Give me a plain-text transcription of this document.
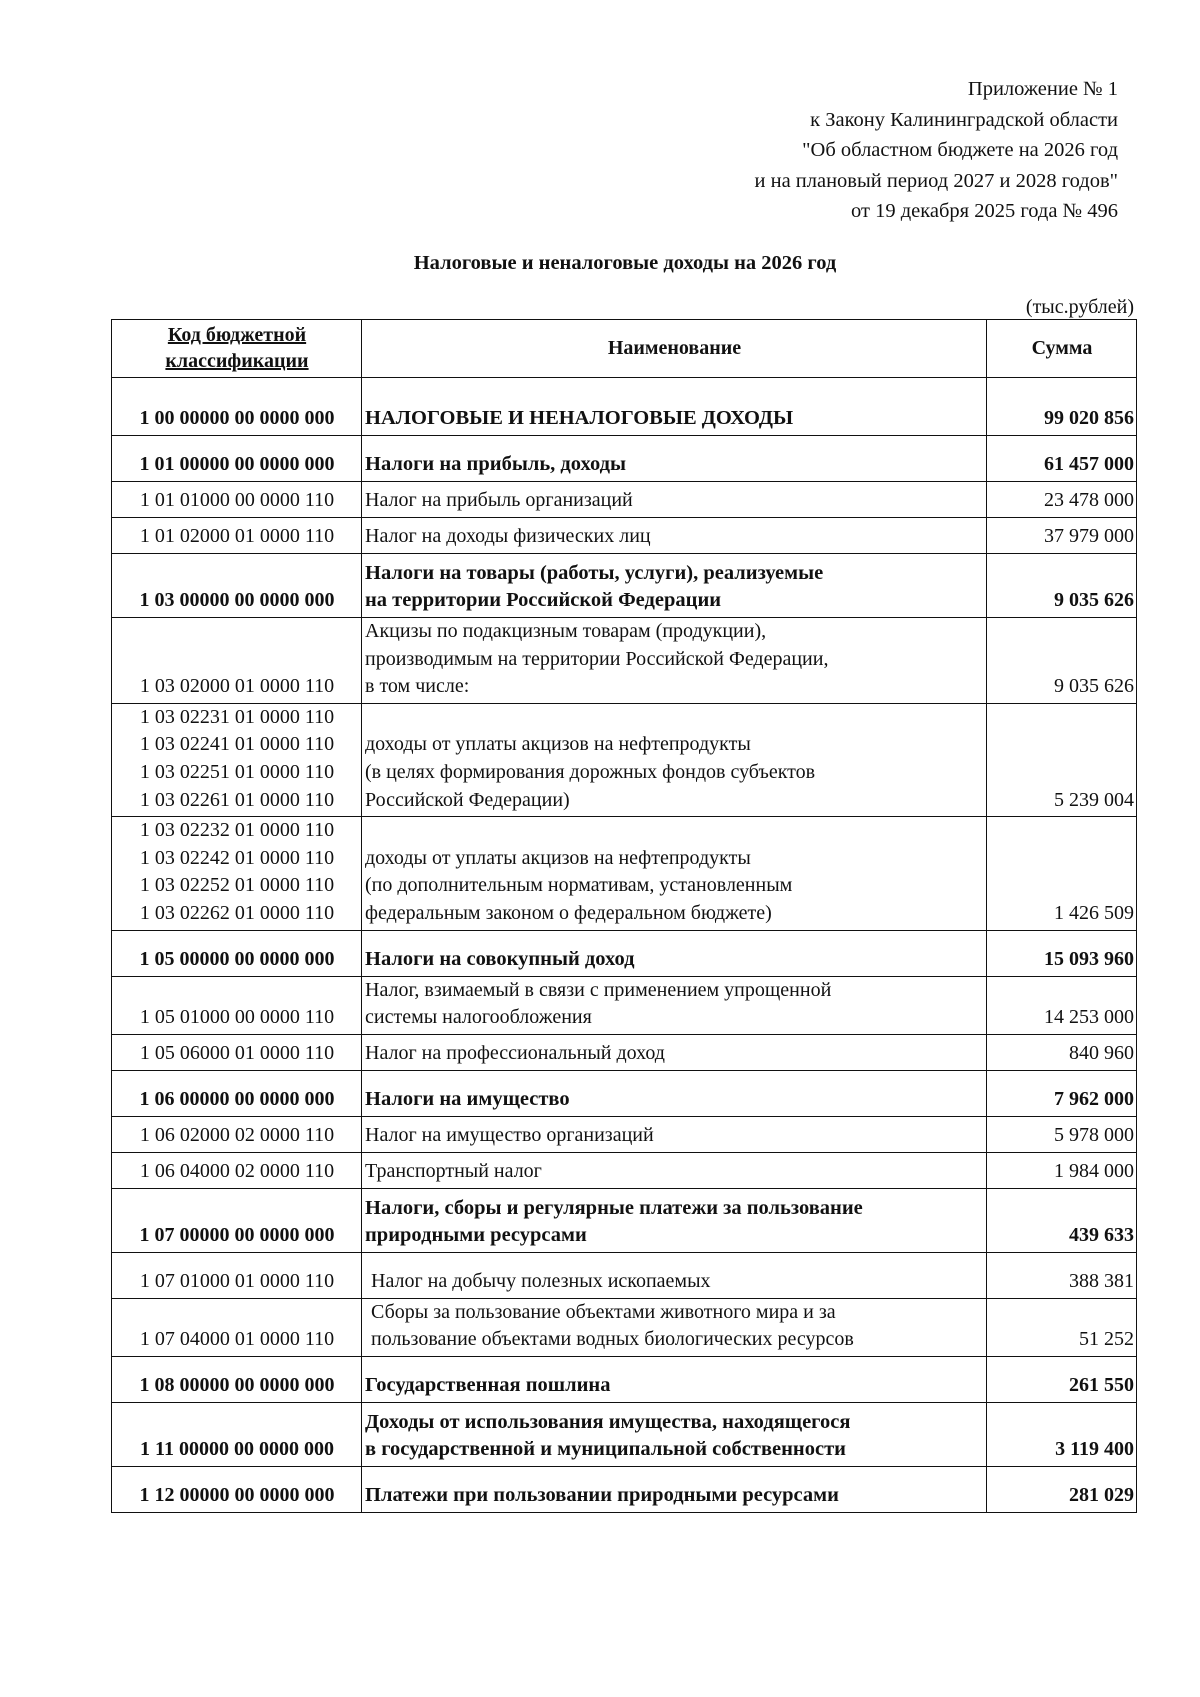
Приложение № 1
к Закону Калининградской области
"Об областном бюджете на 2026 год
и на плановый период 2027 и 2028 годов"
от 19 декабря 2025 года № 496
Налоговые и неналоговые доходы на 2026 год
(тыс.рублей)
Код бюджетной классификации	Наименование	Сумма

1 00 00000 00 0000 000	НАЛОГОВЫЕ И НЕНАЛОГОВЫЕ ДОХОДЫ	99 020 856

1 01 00000 00 0000 000	Налоги на прибыль, доходы	61 457 000

1 01 01000 00 0000 110	Налог на прибыль организаций	23 478 000

1 01 02000 01 0000 110	Налог на доходы физических лиц	37 979 000

1 03 00000 00 0000 000	Налоги на товары (работы, услуги), реализуемые
на территории Российской Федерации	9 035 626

1 03 02000 01 0000 110	Акцизы по подакцизным товарам (продукции),
производимым на территории Российской Федерации,
в том числе:	9 035 626

1 03 02231 01 0000 110
1 03 02241 01 0000 110
1 03 02251 01 0000 110
1 03 02261 01 0000 110	доходы от уплаты акцизов на нефтепродукты
(в целях формирования дорожных фондов субъектов
Российской Федерации)	5 239 004

1 03 02232 01 0000 110
1 03 02242 01 0000 110
1 03 02252 01 0000 110
1 03 02262 01 0000 110	доходы от уплаты акцизов на нефтепродукты
(по дополнительным нормативам, установленным
федеральным законом о федеральном бюджете)	1 426 509

1 05 00000 00 0000 000	Налоги на совокупный доход	15 093 960

1 05 01000 00 0000 110	Налог, взимаемый в связи с применением упрощенной
системы налогообложения	14 253 000

1 05 06000 01 0000 110	Налог на профессиональный доход	840 960

1 06 00000 00 0000 000	Налоги на имущество	7 962 000

1 06 02000 02 0000 110	Налог на имущество организаций	5 978 000

1 06 04000 02 0000 110	Транспортный налог	1 984 000

1 07 00000 00 0000 000	Налоги, сборы и регулярные платежи за пользование
природными ресурсами	439 633

1 07 01000 01 0000 110	Налог на добычу полезных ископаемых	388 381

1 07 04000 01 0000 110	Сборы за пользование объектами животного мира и за
пользование объектами водных биологических ресурсов	51 252

1 08 00000 00 0000 000	Государственная пошлина	261 550

1 11 00000 00 0000 000	Доходы от использования имущества, находящегося
в государственной и муниципальной собственности	3 119 400

1 12 00000 00 0000 000	Платежи при пользовании природными ресурсами	281 029
